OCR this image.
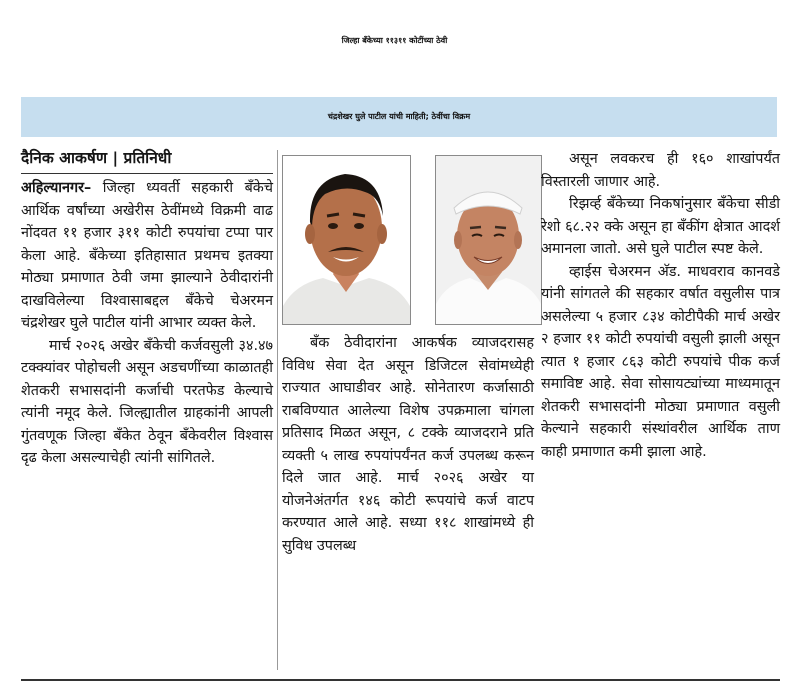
जिल्हा बँकेच्या ११३११ कोटींच्या ठेवी
चंद्रशेखर घुले पाटील यांची माहिती; ठेवींचा विक्रम
दैनिक आकर्षण | प्रतिनिधी

अहिल्यानगर– जिल्हा ध्यवर्ती सहकारी बँकेचे आर्थिक वर्षांच्या अखेरीस ठेवींमध्ये विक्रमी वाढ नोंदवत ११ हजार ३११ कोटी रुपयांचा टप्पा पार केला आहे. बँकेच्या इतिहासात प्रथमच इतक्या मोठ्या प्रमाणात ठेवी जमा झाल्याने ठेवीदारांनी दाखविलेल्या विश्वासाबद्दल बँकेचे चेअरमन चंद्रशेखर घुले पाटील यांनी आभार व्यक्त केले.

मार्च २०२६ अखेर बँकेची कर्जवसुली ३४.४७ टक्क्यांवर पोहोचली असून अडचणींच्या काळातही शेतकरी सभासदांनी कर्जाची परतफेड केल्याचे त्यांनी नमूद केले. जिल्ह्यातील ग्राहकांनी आपली गुंतवणूक जिल्हा बँकेत ठेवून बँकेवरील विश्वास दृढ केला असल्याचेही त्यांनी सांगितले.

बँक ठेवीदारांना आकर्षक व्याजदरासह विविध सेवा देत असून डिजिटल सेवांमध्येही राज्यात आघाडीवर आहे. सोनेतारण कर्जासाठी राबविण्यात आलेल्या विशेष उपक्रमाला चांगला प्रतिसाद मिळत असून, ८ टक्के व्याजदराने प्रति व्यक्ती ५ लाख रुपयांपर्यंनत कर्ज उपलब्ध करून दिले जात आहे. मार्च २०२६ अखेर या योजनेअंतर्गत १४६ कोटी रूपयांचे कर्ज वाटप करण्यात आले आहे. सध्या ११८ शाखांमध्ये ही सुविध उपलब्ध

असून लवकरच ही १६० शाखांपर्यंत विस्तारली जाणार आहे.

रिझर्व्ह बँकेच्या निकषांनुसार बँकेचा सीडी रेशो ६८.२२ क्के असून हा बँकींग क्षेत्रात आदर्श अमानला जातो. असे घुले पाटील स्पष्ट केले.

व्हाईस चेअरमन अ‍ॅड. माधवराव कानवडे यांनी सांगतले की सहकार वर्षात वसुलीस पात्र असलेल्या ५ हजार ८३४ कोटीपैकी मार्च अखेर २ हजार ११ कोटी रुपयांची वसुली झाली असून त्यात १ हजार ८६३ कोटी रुपयांचे पीक कर्ज समाविष्ट आहे. सेवा सोसायट्यांच्या माध्यमातून शेतकरी सभासदांनी मोठ्या प्रमाणात वसुली केल्याने सहकारी संस्थांवरील आर्थिक ताण काही प्रमाणात कमी झाला आहे.
